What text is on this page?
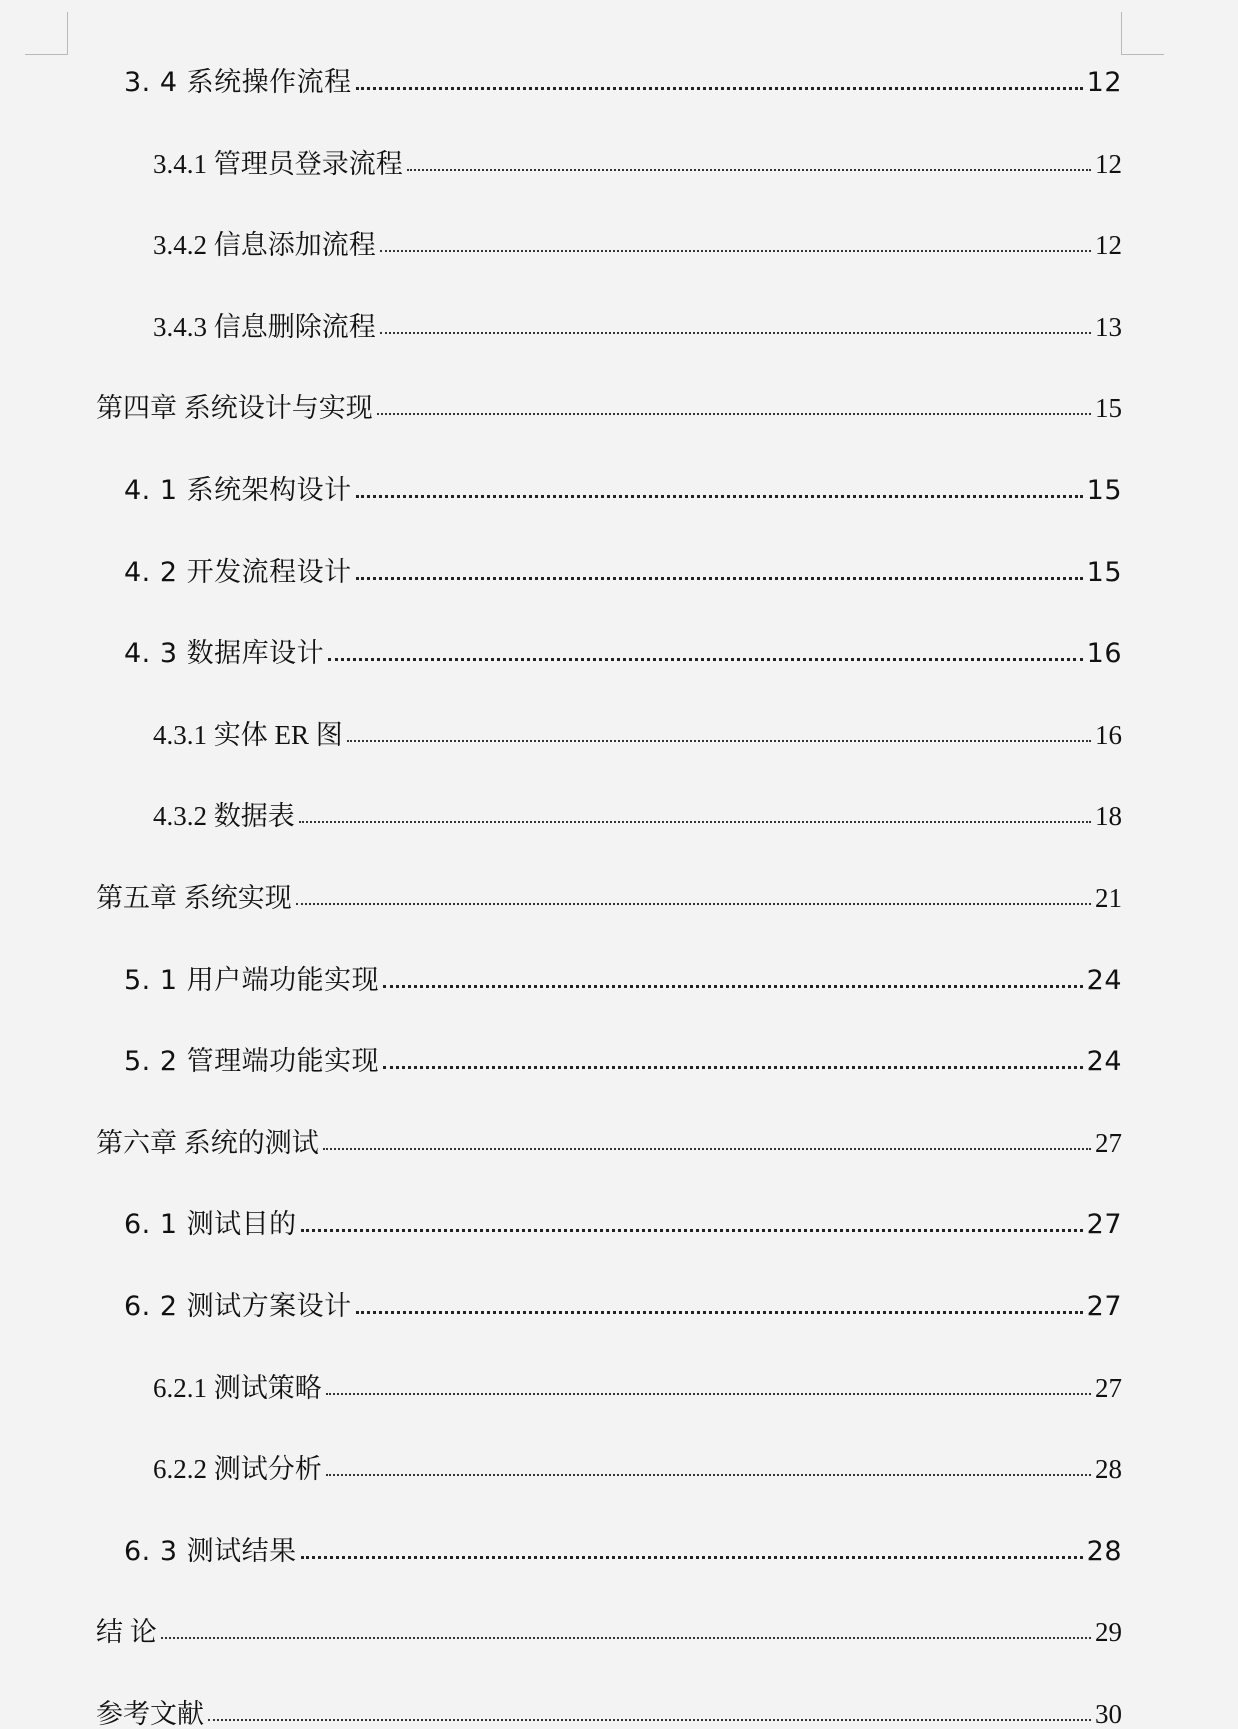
3. 4 系统操作流程	12
3.4.1 管理员登录流程	12
3.4.2 信息添加流程	12
3.4.3 信息删除流程	13
第四章 系统设计与实现	15
4. 1 系统架构设计	15
4. 2 开发流程设计	15
4. 3 数据库设计	16
4.3.1 实体 ER 图	16
4.3.2 数据表	18
第五章 系统实现	21
5. 1 用户端功能实现	24
5. 2 管理端功能实现	24
第六章 系统的测试	27
6. 1 测试目的	27
6. 2 测试方案设计	27
6.2.1 测试策略	27
6.2.2 测试分析	28
6. 3 测试结果	28
结 论	29
参考文献	30
